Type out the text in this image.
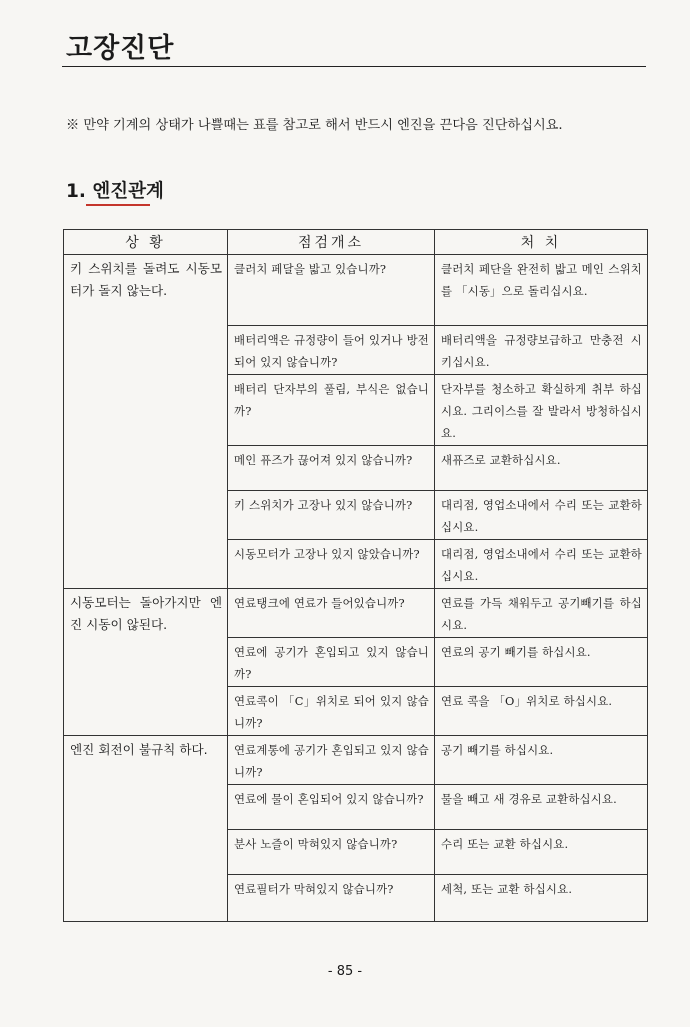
고장진단
※ 만약 기계의 상태가 나쁠때는 표를 참고로 해서 반드시 엔진을 끈다음 진단하십시요.
1. 엔진관계
상 황	점검개소	처 치
키 스위치를 돌려도 시동모터가 돌지 않는다.	클러치 페달을 밟고 있습니까?	클러치 페단을 완전히 밟고 메인 스위치를 「시동」으로 돌리십시요.
	배터리액은 규정량이 들어 있거나 방전되어 있지 않습니까?	배터리액을 규정량보급하고 만충전 시키십시요.
	배터리 단자부의 풀림, 부식은 없습니까?	단자부를 청소하고 확실하게 취부 하십시요. 그리이스를 잘 발라서 방청하십시요.
	메인 퓨즈가 끊어져 있지 않습니까?	새퓨즈로 교환하십시요.
	키 스위치가 고장나 있지 않습니까?	대리점, 영업소내에서 수리 또는 교환하십시요.
	시동모터가 고장나 있지 않았습니까?	대리점, 영업소내에서 수리 또는 교환하십시요.
시동모터는 돌아가지만 엔진 시동이 않된다.	연료탱크에 연료가 들어있습니까?	연료를 가득 채워두고 공기빼기를 하십시요.
	연료에 공기가 혼입되고 있지 않습니까?	연료의 공기 빼기를 하십시요.
	연료콕이 「C」위치로 되어 있지 않습니까?	연료 콕을 「O」위치로 하십시요.
엔진 회전이 불규칙 하다.	연료계통에 공기가 혼입되고 있지 않습니까?	공기 빼기를 하십시요.
	연료에 물이 혼입되어 있지 않습니까?	물을 빼고 새 경유로 교환하십시요.
	분사 노즐이 막혀있지 않습니까?	수리 또는 교환 하십시요.
	연료필터가 막혀있지 않습니까?	세척, 또는 교환 하십시요.
- 85 -
